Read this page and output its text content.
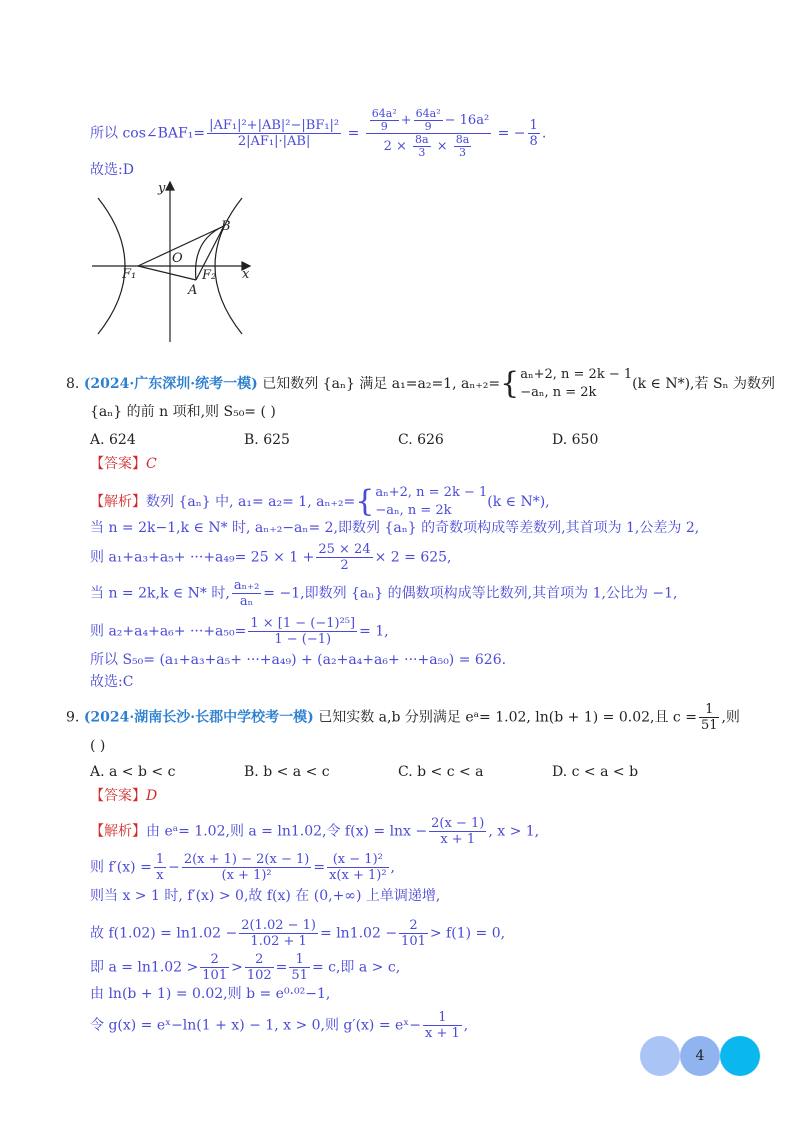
所以 cos∠BAF₁= $\frac{\text{|AF₁|²+|AB|²−|BF₁|²}}{\text{2|AF₁|·|AB|}} = \frac{\frac{\text{64a²}}{9} + \frac{\text{64a²}}{9} - 16a^2}{2 \times \frac{8a}{3} \times \frac{8a}{3}}$ = − $\frac{1}{8}$ .
故选:D
y
B
O
x
F₁	F₂
A
8. (2024·广东深圳·统考一模) 已知数列 {aₙ} 满足 a₁=a₂=1, aₙ₊₂={ aₙ+2, n = 2k − 1
−aₙ, n = 2k
(k ∈ N*),若 Sₙ 为数列
{aₙ} 的前 n 项和,则 S₅₀= ( )
A. 624	B. 625	C. 626	D. 650
【答案】C
【解析】数列 {aₙ} 中, a₁= a₂= 1, aₙ₊₂={ aₙ+2, n = 2k − 1
−aₙ, n = 2k
(k ∈ N*),
当 n = 2k−1,k ∈ N* 时, aₙ₊₂−aₙ= 2,即数列 {aₙ} 的奇数项构成等差数列,其首项为 1,公差为 2,
则 $a_1+a_3+a_5+ \cdot\cdot\cdot+a_{49}= 25 \times 1 + \frac{25 \times 24}{2} \times 2 = 625$,
当 n = 2k,k ∈ N* 时, $\frac{\text{aₙ₊₂}}{\text{aₙ}} = -1$,即数列 {aₙ} 的偶数项构成等比数列,其首项为 1,公比为 −1,
则 $a_2+a_4+a_6+ \cdot\cdot\cdot+a_{50}= \frac{\text{1 × [1 − (−1)²⁵]}}{1 - (-1)} = 1$,
所以 S₅₀= (a₁+a₃+a₅+ ···+a₄₉) + (a₂+a₄+a₆+ ···+a₅₀) = 626.
故选:C
9. (2024·湖南长沙·长郡中学校考一模) 已知实数 a,b 分别满足 eᵃ= 1.02, ln(b + 1) = 0.02,且 $c = \frac{1}{51}$ ,则
( )
A. a < b < c	B. b < a < c	C. b < c < a	D. c < a < b
【答案】D
【解析】由 eᵃ= 1.02,则 a = ln1.02,令 $f(x) = \ln x - \frac{2(x - 1)}{x + 1}$ , x > 1,
则 $f'(x) = \frac{1}{x} - \frac{2(x + 1) - 2(x - 1)}{\text{(x + 1)²}} = \frac{\text{(x − 1)²}}{\text{x(x + 1)²}}$ ,
则当 x > 1 时, f′(x) > 0,故 f(x) 在 (0,+∞) 上单调递增,
故 $f(1.02) = \ln 1.02 - \frac{2(1.02 - 1)}{1.02 + 1} = \ln 1.02 - \frac{2}{101} > f(1) = 0$,
即 $a = \ln 1.02 > \frac{2}{101} > \frac{2}{102} = \frac{1}{51} = c$,即 a > c,
由 ln(b + 1) = 0.02,则 b = e⁰·⁰²−1,
令 g(x) = eˣ−ln(1 + x) − 1, x > 0,则 g′(x) = eˣ− $\frac{1}{x + 1}$ ,
4
